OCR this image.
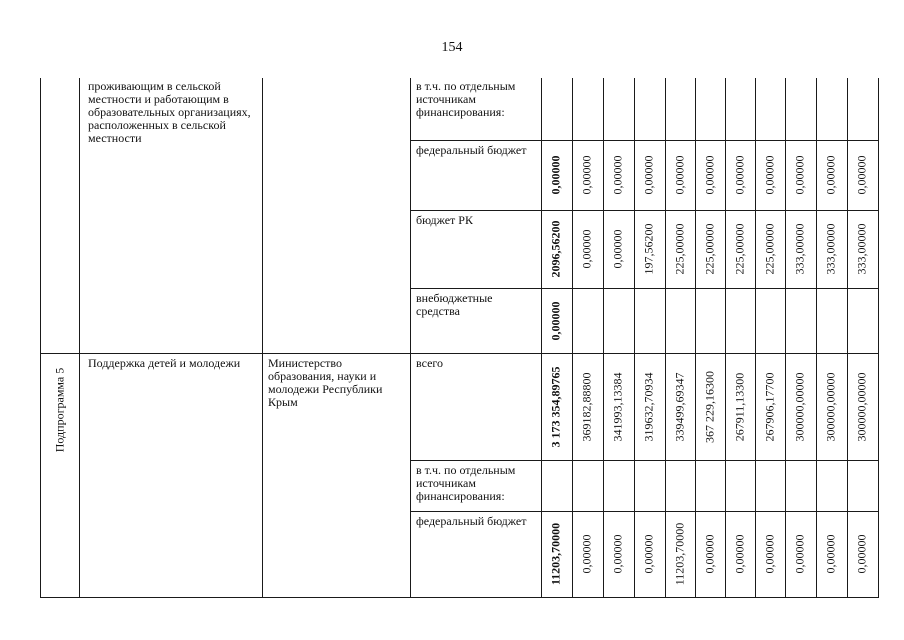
154
проживающим в сельской местности и работающим в образовательных организациях, расположенных в сельской местности
Подпрограмма 5
Поддержка детей и молодежи	Министерство образования, науки и молодежи Республики Крым
в т.ч. по отдельным источникам финансирования:
федеральный бюджет
бюджет РК
внебюджетные средства
всего
в т.ч. по отдельным источникам финансирования:
федеральный бюджет
0,00000 0,00000 0,00000 0,00000 0,00000 0,00000 0,00000 0,00000 0,00000 0,00000 0,00000
2096,56200 0,00000 0,00000 197,56200 225,00000 225,00000 225,00000 225,00000 333,00000 333,00000 333,00000
0,00000
3 173 354,89765 369182,88800 341993,13384 319632,70934 339499,69347 367 229,16300 267911,13300 267906,17700 300000,00000 300000,00000 300000,00000
11203,70000 0,00000 0,00000 0,00000 11203,70000 0,00000 0,00000 0,00000 0,00000 0,00000 0,00000
